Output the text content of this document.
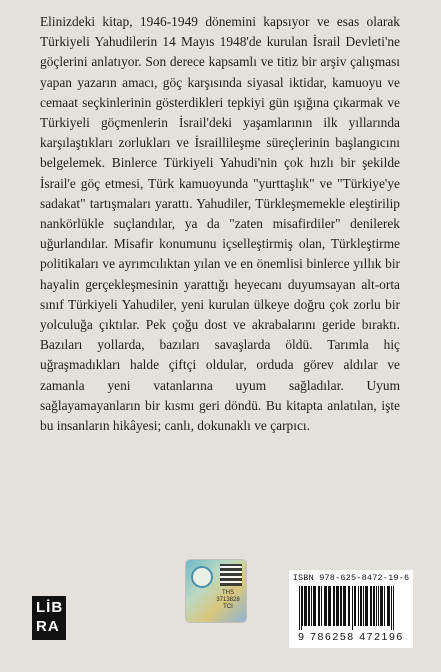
Elinizdeki kitap, 1946-1949 dönemini kapsıyor ve esas olarak Türkiyeli Yahudilerin 14 Mayıs 1948'de kurulan İsrail Devleti'ne göçlerini anlatıyor. Son derece kapsamlı ve titiz bir arşiv çalışması yapan yazarın amacı, göç karşısında siyasal iktidar, kamuoyu ve cemaat seçkinlerinin gösterdikleri tepkiyi gün ışığına çıkarmak ve Türkiyeli göçmenlerin İsrail'deki yaşamlarının ilk yıllarında karşılaştıkları zorlukları ve İsraillileşme süreçlerinin başlangıcını belgelemek. Binlerce Türkiyeli Yahudi'nin çok hızlı bir şekilde İsrail'e göç etmesi, Türk kamuoyunda "yurttaşlık" ve "Türkiye'ye sadakat" tartışmaları yarattı. Yahudiler, Türkleşmemekle eleştirilip nankörlükle suçlandılar, ya da "zaten misafirdiler" denilerek uğurlandılar. Misafir konumunu içselleştirmiş olan, Türkleştirme politikaları ve ayrımcılıktan yılan ve en önemlisi binlerce yıllık bir hayalin gerçekleşmesinin yarattığı heyecanı duyumsayan alt-orta sınıf Türkiyeli Yahudiler, yeni kurulan ülkeye doğru çok zorlu bir yolculuğa çıktılar. Pek çoğu dost ve akrabalarını geride bıraktı. Bazıları yollarda, bazıları savaşlarda öldü. Tarımla hiç uğraşmadıkları halde çiftçi oldular, orduda görev aldılar ve zamanla yeni vatanlarına uyum sağladılar. Uyum sağlayamayanların bir kısmı geri döndü. Bu kitapta anlatılan, işte bu insanların hikâyesi; canlı, dokunaklı ve çarpıcı.

THS
3713828
TCI
LİB
RA
ISBN 978-625-8472-19-6
9 786258 472196
